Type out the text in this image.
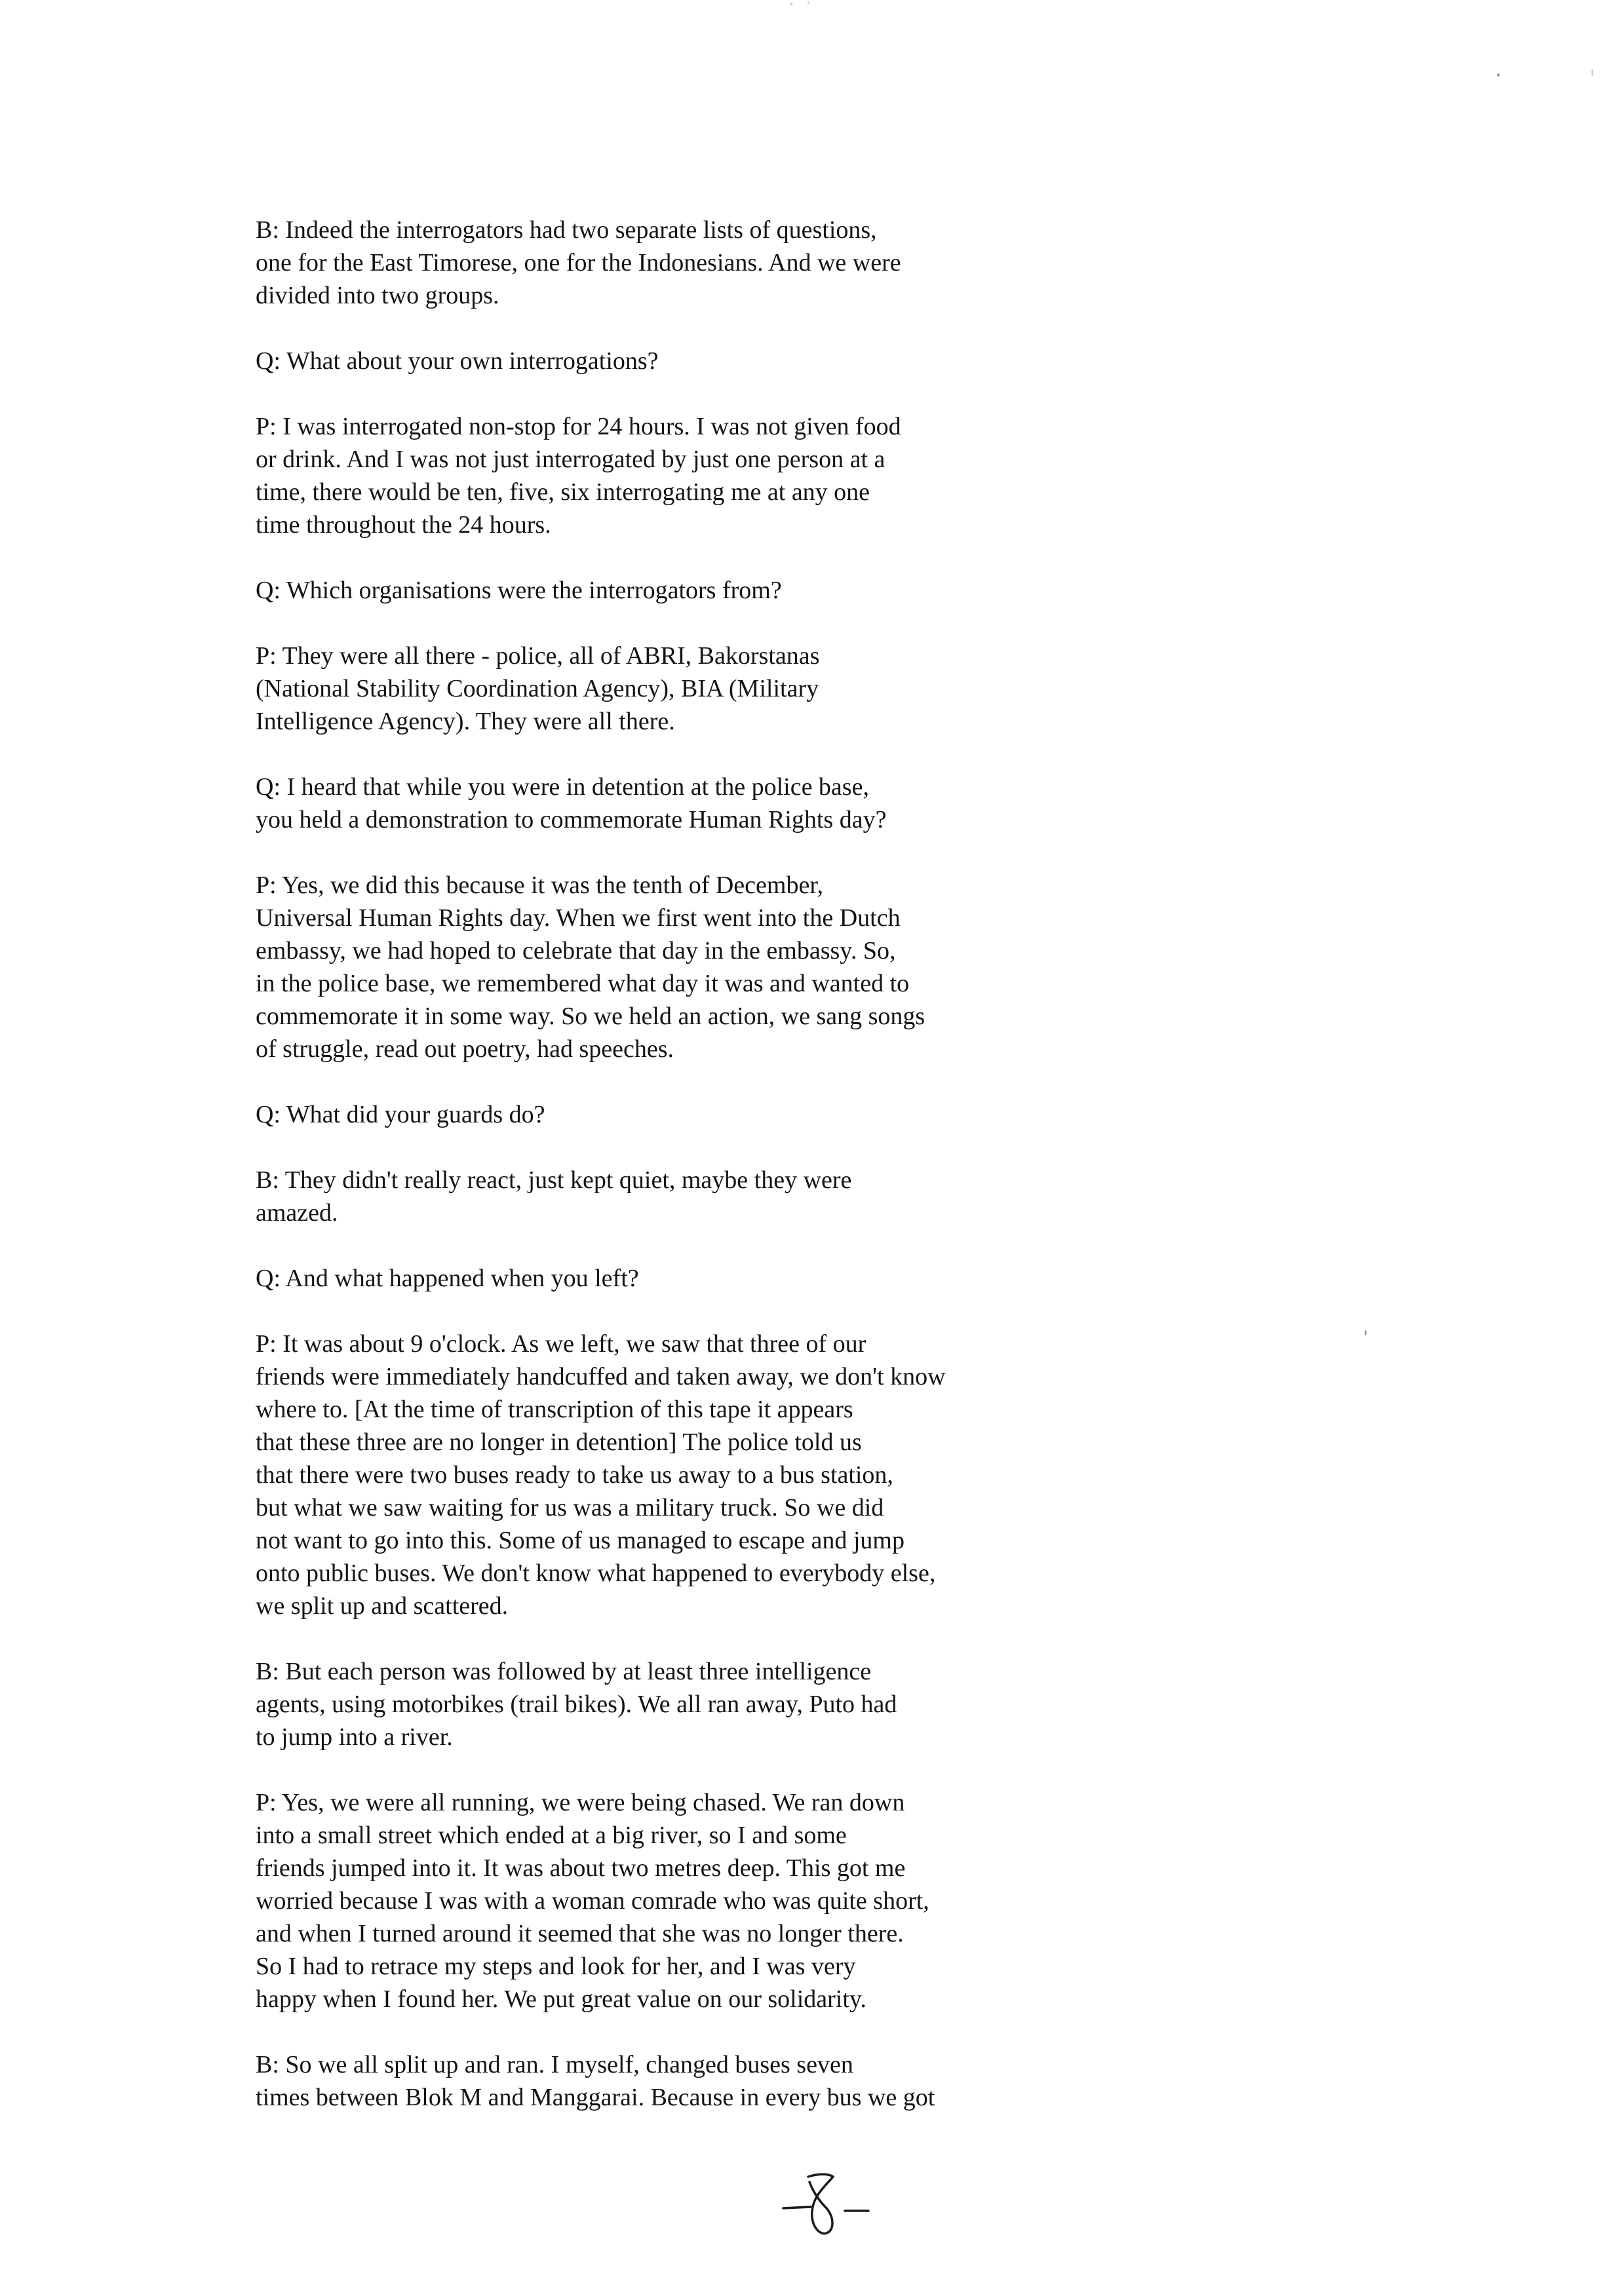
B: Indeed the interrogators had two separate lists of questions,
one for the East Timorese, one for the Indonesians. And we were
divided into two groups.
Q: What about your own interrogations?
P: I was interrogated non-stop for 24 hours. I was not given food
or drink. And I was not just interrogated by just one person at a
time, there would be ten, five, six interrogating me at any one
time throughout the 24 hours.
Q: Which organisations were the interrogators from?
P: They were all there - police, all of ABRI, Bakorstanas
(National Stability Coordination Agency), BIA (Military
Intelligence Agency). They were all there.
Q: I heard that while you were in detention at the police base,
you held a demonstration to commemorate Human Rights day?
P: Yes, we did this because it was the tenth of December,
Universal Human Rights day. When we first went into the Dutch
embassy, we had hoped to celebrate that day in the embassy. So,
in the police base, we remembered what day it was and wanted to
commemorate it in some way. So we held an action, we sang songs
of struggle, read out poetry, had speeches.
Q: What did your guards do?
B: They didn't really react, just kept quiet, maybe they were
amazed.
Q: And what happened when you left?
P: It was about 9 o'clock. As we left, we saw that three of our
friends were immediately handcuffed and taken away, we don't know
where to. [At the time of transcription of this tape it appears
that these three are no longer in detention] The police told us
that there were two buses ready to take us away to a bus station,
but what we saw waiting for us was a military truck. So we did
not want to go into this. Some of us managed to escape and jump
onto public buses. We don't know what happened to everybody else,
we split up and scattered.
B: But each person was followed by at least three intelligence
agents, using motorbikes (trail bikes). We all ran away, Puto had
to jump into a river.
P: Yes, we were all running, we were being chased. We ran down
into a small street which ended at a big river, so I and some
friends jumped into it. It was about two metres deep. This got me
worried because I was with a woman comrade who was quite short,
and when I turned around it seemed that she was no longer there.
So I had to retrace my steps and look for her, and I was very
happy when I found her. We put great value on our solidarity.
B: So we all split up and ran. I myself, changed buses seven
times between Blok M and Manggarai. Because in every bus we got
